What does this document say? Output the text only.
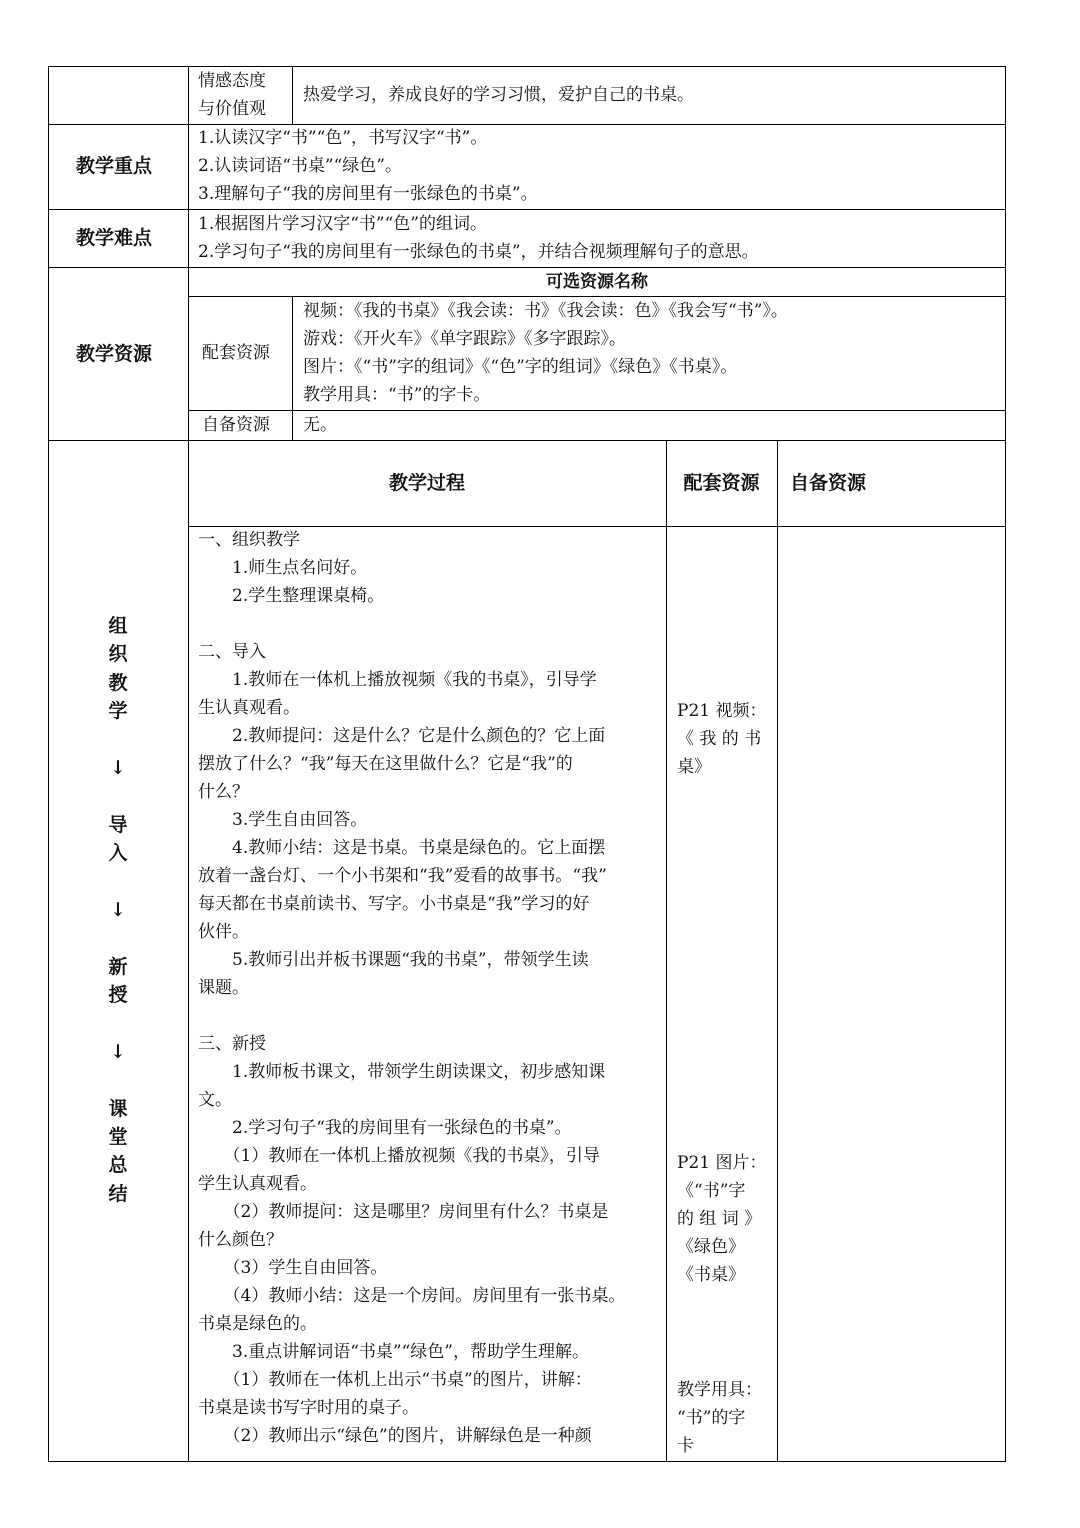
情感态度
与价值观
热爱学习，养成良好的学习习惯，爱护自己的书桌。
教学重点
1.认读汉字“书”“色”，书写汉字“书”。
2.认读词语“书桌”“绿色”。
3.理解句子“我的房间里有一张绿色的书桌”。
教学难点
1.根据图片学习汉字“书”“色”的组词。
2.学习句子“我的房间里有一张绿色的书桌”，并结合视频理解句子的意思。
教学资源
可选资源名称
配套资源
视频：《我的书桌》《我会读：书》《我会读：色》《我会写“书”》。
游戏：《开火车》《单字跟踪》《多字跟踪》。
图片：《“书”字的组词》《“色”字的组词》《绿色》《书桌》。
教学用具：“书”的字卡。
自备资源 无。
教学过程	配套资源	自备资源
组
织
教
学
↓
导
入
↓
新
授
↓
课
堂
总
结
一、组织教学
　　1.师生点名问好。
　　2.学生整理课桌椅。
二、导入
　　1.教师在一体机上播放视频《我的书桌》，引导学
生认真观看。
　　2.教师提问：这是什么？它是什么颜色的？它上面
摆放了什么？“我”每天在这里做什么？它是“我”的
什么？
　　3.学生自由回答。
　　4.教师小结：这是书桌。书桌是绿色的。它上面摆
放着一盏台灯、一个小书架和“我”爱看的故事书。“我”
每天都在书桌前读书、写字。小书桌是“我”学习的好
伙伴。
　　5.教师引出并板书课题“我的书桌”，带领学生读
课题。
三、新授
　　1.教师板书课文，带领学生朗读课文，初步感知课
文。
　　2.学习句子“我的房间里有一张绿色的书桌”。
　　（1）教师在一体机上播放视频《我的书桌》，引导
学生认真观看。
　　（2）教师提问：这是哪里？房间里有什么？书桌是
什么颜色？
　　（3）学生自由回答。
　　（4）教师小结：这是一个房间。房间里有一张书桌。
书桌是绿色的。
　　3.重点讲解词语“书桌”“绿色”，帮助学生理解。
　　（1）教师在一体机上出示“书桌”的图片，讲解：
书桌是读书写字时用的桌子。
　　（2）教师出示“绿色”的图片，讲解绿色是一种颜
P21 视频：
《 我 的 书
桌》
P21 图片：
《“书”字
的 组 词 》
《绿色》
《书桌》
教学用具：
“书”的字
卡
